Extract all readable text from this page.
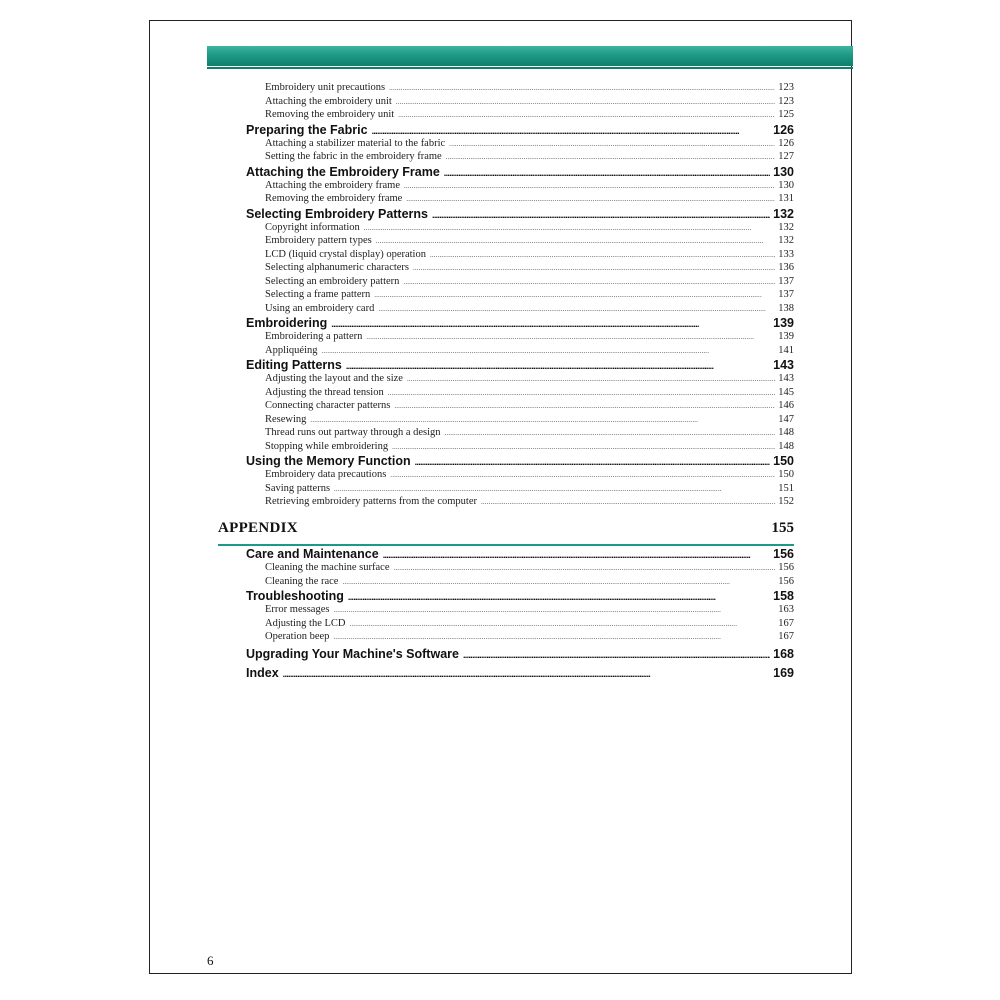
Embroidery unit precautions . . .	123
Attaching the embroidery unit . . .	123
Removing the embroidery unit . . .	125
Preparing the Fabric . . .	126
Attaching a stabilizer material to the fabric . . .	126
Setting the fabric in the embroidery frame . . .	127
Attaching the Embroidery Frame . . .	130
Attaching the embroidery frame . . .	130
Removing the embroidery frame . . .	131
Selecting Embroidery Patterns . . .	132
Copyright information . . .	132
Embroidery pattern types . . .	132
LCD (liquid crystal display) operation . . .	133
Selecting alphanumeric characters . . .	136
Selecting an embroidery pattern . . .	137
Selecting a frame pattern . . .	137
Using an embroidery card . . .	138
Embroidering . . .	139
Embroidering a pattern . . .	139
Appliquéing . . .	141
Editing Patterns . . .	143
Adjusting the layout and the size . . .	143
Adjusting the thread tension . . .	145
Connecting character patterns . . .	146
Resewing . . .	147
Thread runs out partway through a design . . .	148
Stopping while embroidering . . .	148
Using the Memory Function . . .	150
Embroidery data precautions . . .	150
Saving patterns . . .	151
Retrieving embroidery patterns from the computer . . .	152
APPENDIX	155
Care and Maintenance . . .	156
Cleaning the machine surface . . .	156
Cleaning the race . . .	156
Troubleshooting . . .	158
Error messages . . .	163
Adjusting the LCD . . .	167
Operation beep . . .	167
Upgrading Your Machine's Software . . .	168
Index . . .	169
6
